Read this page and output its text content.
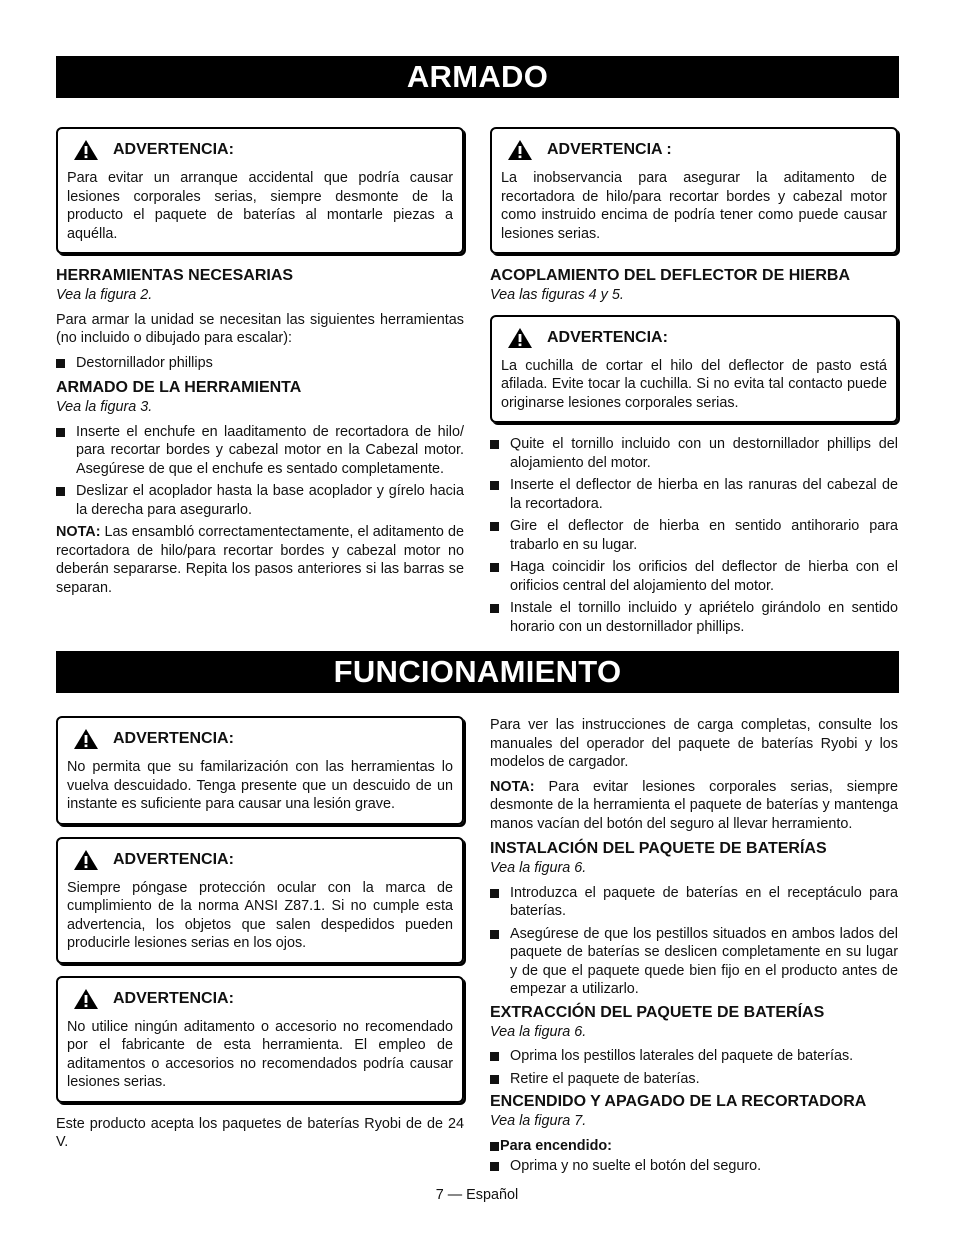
ARMADO
ADVERTENCIA:
Para evitar un arranque accidental que podría causar lesiones corporales serias, siempre desmonte de la producto el paquete de baterías al montarle piezas a aquélla.
HERRAMIENTAS NECESARIAS
Vea la figura 2.

Para armar la unidad se necesitan las siguientes herramientas (no incluido o dibujado para escalar):

Destornillador phillips
ARMADO DE LA HERRAMIENTA
Vea la figura 3.
Inserte el enchufe en laaditamento de recortadora de hilo/ para recortar bordes y cabezal motor en la Cabezal motor. Asegúrese de que el enchufe es sentado completamente.
Deslizar el acoplador hasta la base acoplador y gírelo hacia la derecha para asegurarlo.

NOTA: Las ensambló correctamentectamente, el aditamento de recortadora de hilo/para recortar bordes y cabezal motor no deberán separarse. Repita los pasos anteriores si las barras se separan.

ADVERTENCIA :
La inobservancia para asegurar la aditamento de recortadora de hilo/para recortar bordes y cabezal motor como instruido encima de podría tener como puede causar lesiones serias.
ACOPLAMIENTO DEL DEFLECTOR DE HIERBA
Vea las figuras 4 y 5.
ADVERTENCIA:
La cuchilla de cortar el hilo del deflector de pasto está afilada. Evite tocar la cuchilla. Si no evita tal contacto puede originarse lesiones corporales serias.
Quite el tornillo incluido con un destornillador phillips del alojamiento del motor.
Inserte el deflector de hierba en las ranuras del cabezal de la recortadora.
Gire el deflector de hierba en sentido antihorario para trabarlo en su lugar.
Haga coincidir los orificios del deflector de hierba con el orificios central del alojamiento del motor.
Instale el tornillo incluido y apriételo girándolo en sentido horario con un destornillador phillips.
FUNCIONAMIENTO
ADVERTENCIA:
No permita que su familarización con las herramientas lo vuelva descuidado. Tenga presente que un descuido de un instante es suficiente para causar una lesión grave.
ADVERTENCIA:
Siempre póngase protección ocular con la marca de cumplimiento de la norma ANSI Z87.1. Si no cumple esta advertencia, los objetos que salen despedidos pueden producirle lesiones serias en los ojos.
ADVERTENCIA:
No utilice ningún aditamento o accesorio no recomendado por el fabricante de esta herramienta. El empleo de aditamentos o accesorios no recomendados podría causar lesiones serias.

Este producto acepta los paquetes de baterías Ryobi de de 24 V.

Para ver las instrucciones de carga completas, consulte los manuales del operador del paquete de baterías Ryobi y los modelos de cargador.

NOTA: Para evitar lesiones corporales serias, siempre desmonte de la herramienta el paquete de baterías y mantenga manos vacían del botón del seguro al llevar herramiento.

INSTALACIÓN DEL PAQUETE DE BATERÍAS
Vea la figura 6.
Introduzca el paquete de baterías en el receptáculo para baterías.
Asegúrese de que los pestillos situados en ambos lados del paquete de baterías se deslicen completamente en su lugar y de que el paquete quede bien fijo en el producto antes de empezar a utilizarlo.
EXTRACCIÓN DEL PAQUETE DE BATERÍAS
Vea la figura 6.
Oprima los pestillos laterales del paquete de baterías.
Retire el paquete de baterías.
ENCENDIDO Y APAGADO DE LA RECORTADORA
Vea la figura 7.
Para encendido:
Oprima y no suelte el botón del seguro.
7 — Español
